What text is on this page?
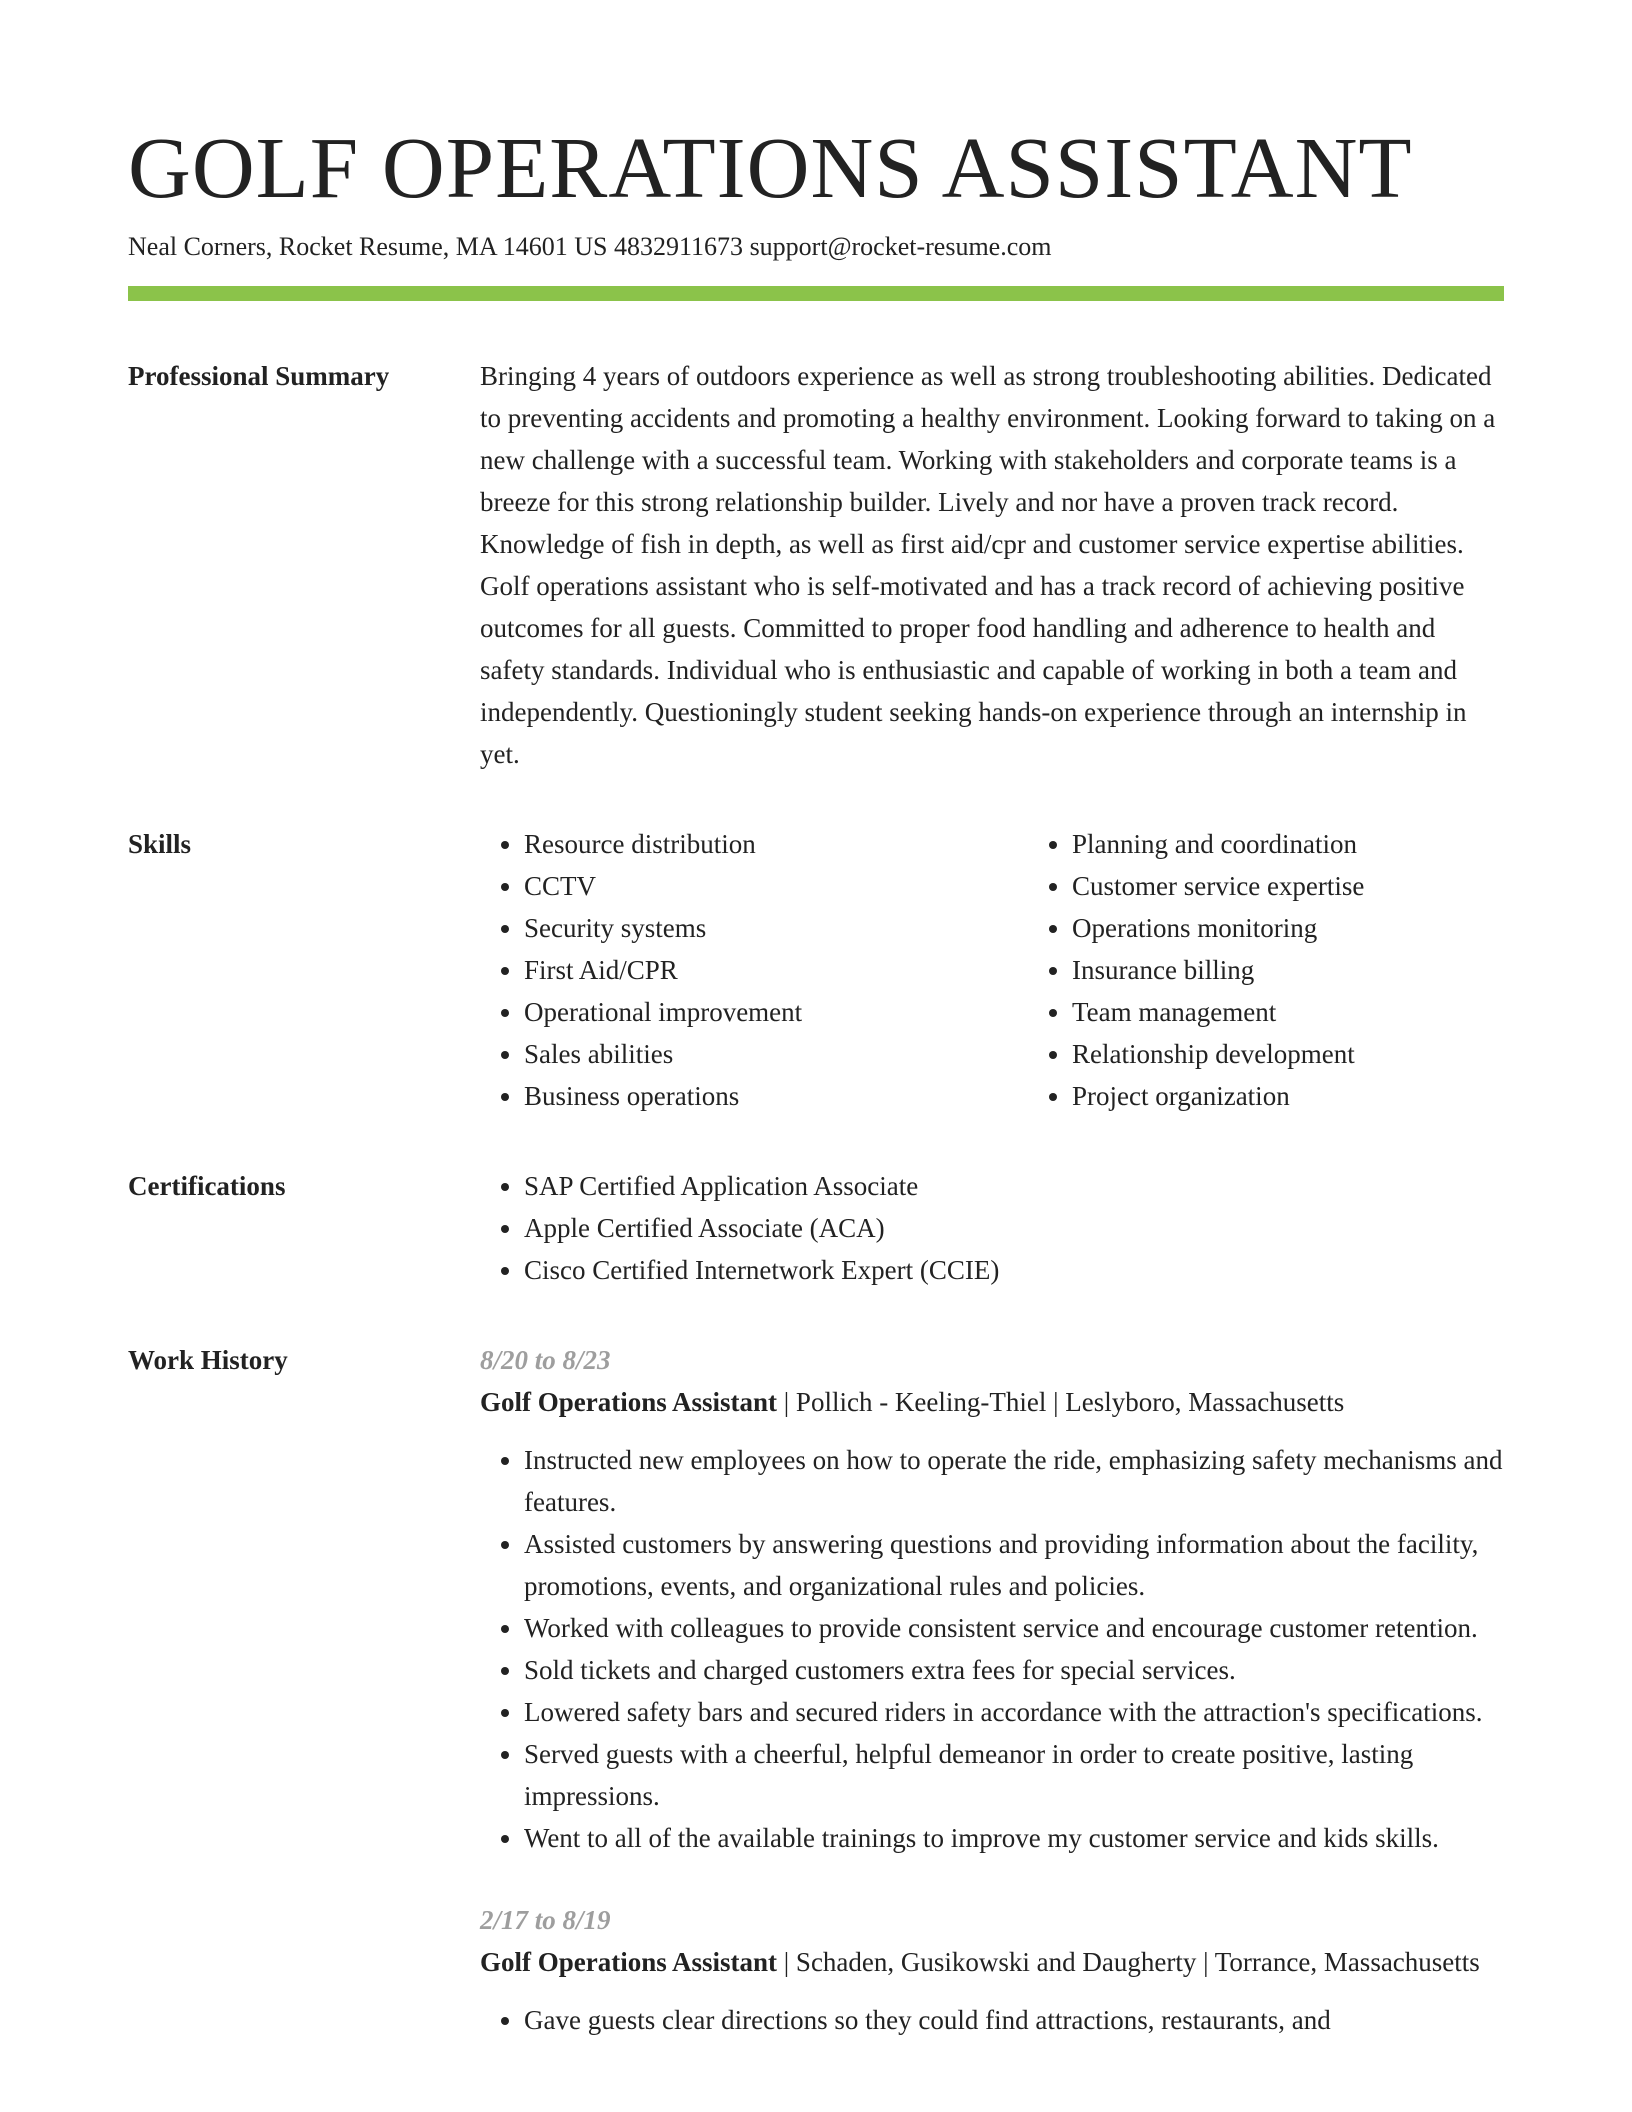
GOLF OPERATIONS ASSISTANT
Neal Corners, Rocket Resume, MA 14601 US 4832911673 support@rocket-resume.com
Professional Summary	Bringing 4 years of outdoors experience as well as strong troubleshooting abilities. Dedicated to preventing accidents and promoting a healthy environment. Looking forward to taking on a new challenge with a successful team. Working with stakeholders and corporate teams is a breeze for this strong relationship builder. Lively and nor have a proven track record. Knowledge of fish in depth, as well as first aid/cpr and customer service expertise abilities. Golf operations assistant who is self-motivated and has a track record of achieving positive outcomes for all guests. Committed to proper food handling and adherence to health and safety standards. Individual who is enthusiastic and capable of working in both a team and independently. Questioningly student seeking hands-on experience through an internship in yet.

Skills	• Resource distribution
• CCTV
• Security systems
• First Aid/CPR
• Operational improvement
• Sales abilities
• Business operations
• Planning and coordination
• Customer service expertise
• Operations monitoring
• Insurance billing
• Team management
• Relationship development
• Project organization
Certifications	• SAP Certified Application Associate
• Apple Certified Associate (ACA)
• Cisco Certified Internetwork Expert (CCIE)
Work History	8/20 to 8/23
Golf Operations Assistant | Pollich - Keeling-Thiel | Leslyboro, Massachusetts
• Instructed new employees on how to operate the ride, emphasizing safety mechanisms and features.
• Assisted customers by answering questions and providing information about the facility, promotions, events, and organizational rules and policies.
• Worked with colleagues to provide consistent service and encourage customer retention.
• Sold tickets and charged customers extra fees for special services.
• Lowered safety bars and secured riders in accordance with the attraction's specifications.
• Served guests with a cheerful, helpful demeanor in order to create positive, lasting impressions.
• Went to all of the available trainings to improve my customer service and kids skills.
2/17 to 8/19
Golf Operations Assistant | Schaden, Gusikowski and Daugherty | Torrance, Massachusetts
• Gave guests clear directions so they could find attractions, restaurants, and
